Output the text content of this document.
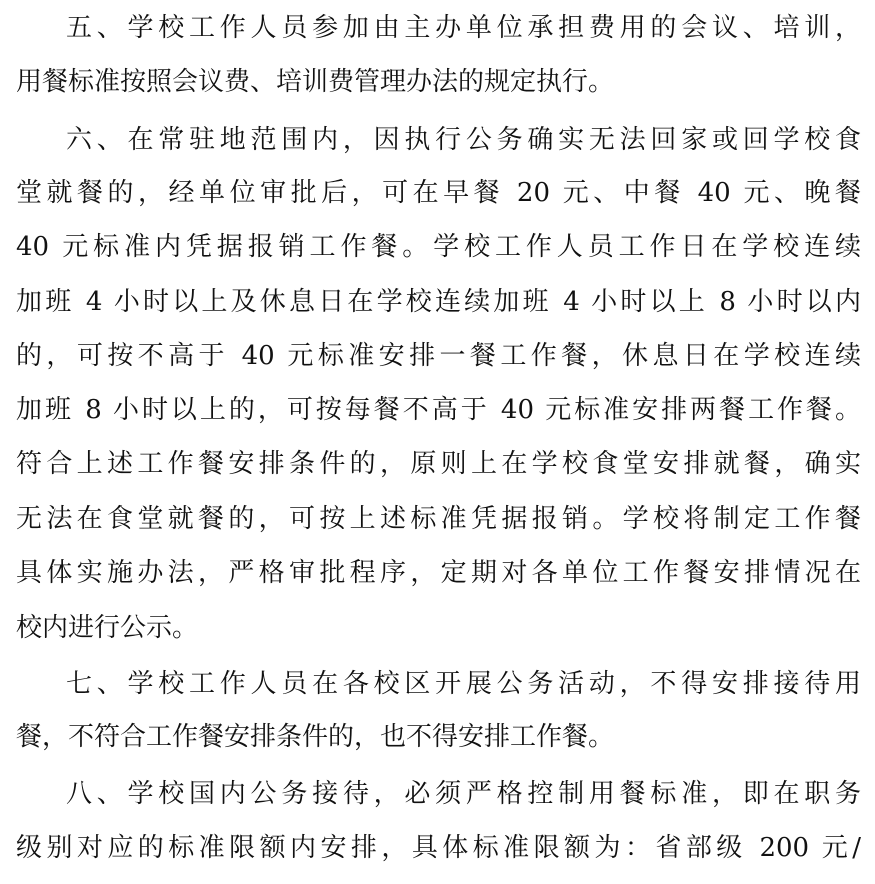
五、学校工作人员参加由主办单位承担费用的会议、培训，
用餐标准按照会议费、培训费管理办法的规定执行。
六、在常驻地范围内，因执行公务确实无法回家或回学校食
堂就餐的，经单位审批后，可在早餐 20 元、中餐 40 元、晚餐
40 元标准内凭据报销工作餐。学校工作人员工作日在学校连续
加班 4 小时以上及休息日在学校连续加班 4 小时以上 8 小时以内
的，可按不高于 40 元标准安排一餐工作餐，休息日在学校连续
加班 8 小时以上的，可按每餐不高于 40 元标准安排两餐工作餐。
符合上述工作餐安排条件的，原则上在学校食堂安排就餐，确实
无法在食堂就餐的，可按上述标准凭据报销。学校将制定工作餐
具体实施办法，严格审批程序，定期对各单位工作餐安排情况在
校内进行公示。
七、学校工作人员在各校区开展公务活动，不得安排接待用
餐，不符合工作餐安排条件的，也不得安排工作餐。
八、学校国内公务接待，必须严格控制用餐标准，即在职务
级别对应的标准限额内安排，具体标准限额为：省部级 200 元/
